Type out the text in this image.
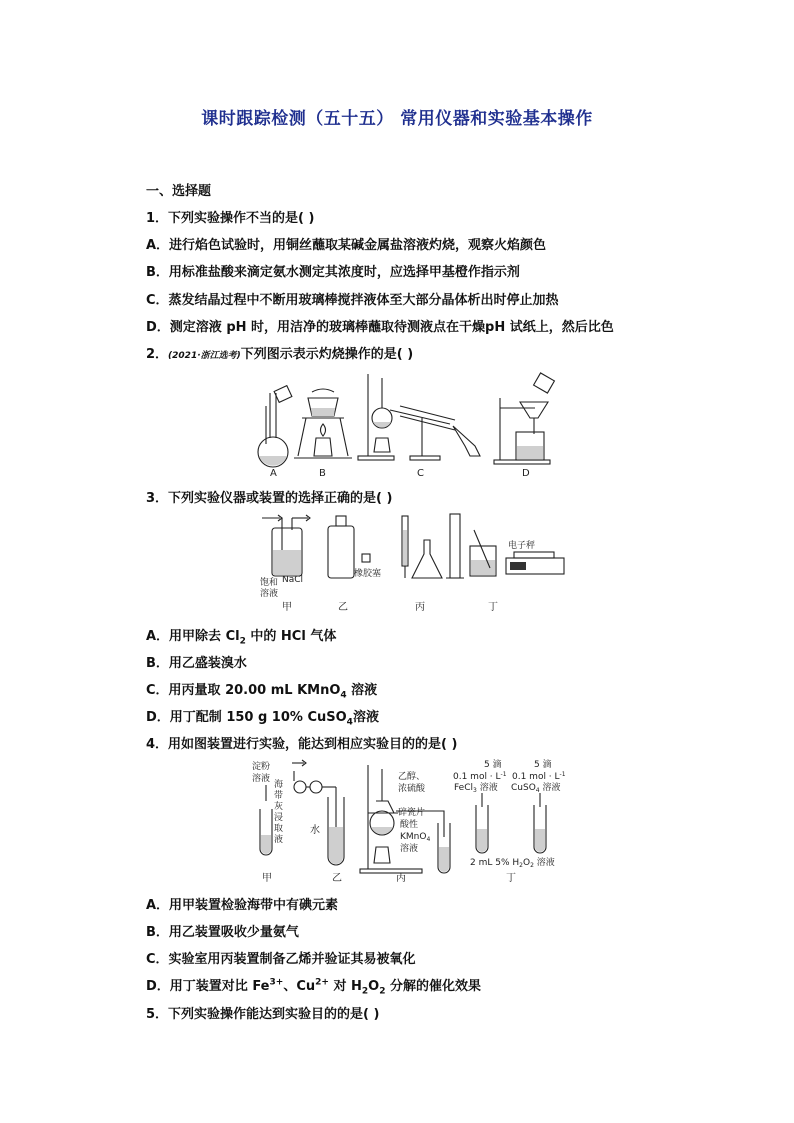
课时跟踪检测（五十五） 常用仪器和实验基本操作
一、选择题
1．下列实验操作不当的是( )
A．进行焰色试验时，用铜丝蘸取某碱金属盐溶液灼烧，观察火焰颜色
B．用标准盐酸来滴定氨水测定其浓度时，应选择甲基橙作指示剂
C．蒸发结晶过程中不断用玻璃棒搅拌液体至大部分晶体析出时停止加热
D．测定溶液 pH 时，用洁净的玻璃棒蘸取待测液点在干燥pH 试纸上，然后比色
2．(2021·浙江选考)下列图示表示灼烧操作的是( )
A	B	C	D
3．下列实验仪器或装置的选择正确的是( )
饱和 NaCl
溶液
甲
橡胶塞
乙	丙
电子秤
丁
A．用甲除去 $Cl_2$ 中的 HCl 气体
B．用乙盛装溴水
C．用丙量取 20.00 mL KMnO$_4$ 溶液
D．用丁配制 150 g 10% CuSO$_4$溶液
4．用如图装置进行实验，能达到相应实验目的的是( )
淀粉
溶液
海
带
灰
浸
取
液
甲
水
乙
乙醇、
浓硫酸
碎瓷片
酸性
KMnO$_4$
溶液
丙
5 滴
0.1 mol · $L^{-1}$
FeCl$_3$ 溶液
5 滴
0.1 mol · $L^{-1}$
CuSO$_4$ 溶液
2 mL 5% $H_2O_2$ 溶液
丁
A．用甲装置检验海带中有碘元素
B．用乙装置吸收少量氨气
C．实验室用丙装置制备乙烯并验证其易被氧化
D．用丁装置对比 $Fe^{3+}$、$Cu^{2+}$ 对 $H_2O_2$ 分解的催化效果
5．下列实验操作能达到实验目的的是( )
